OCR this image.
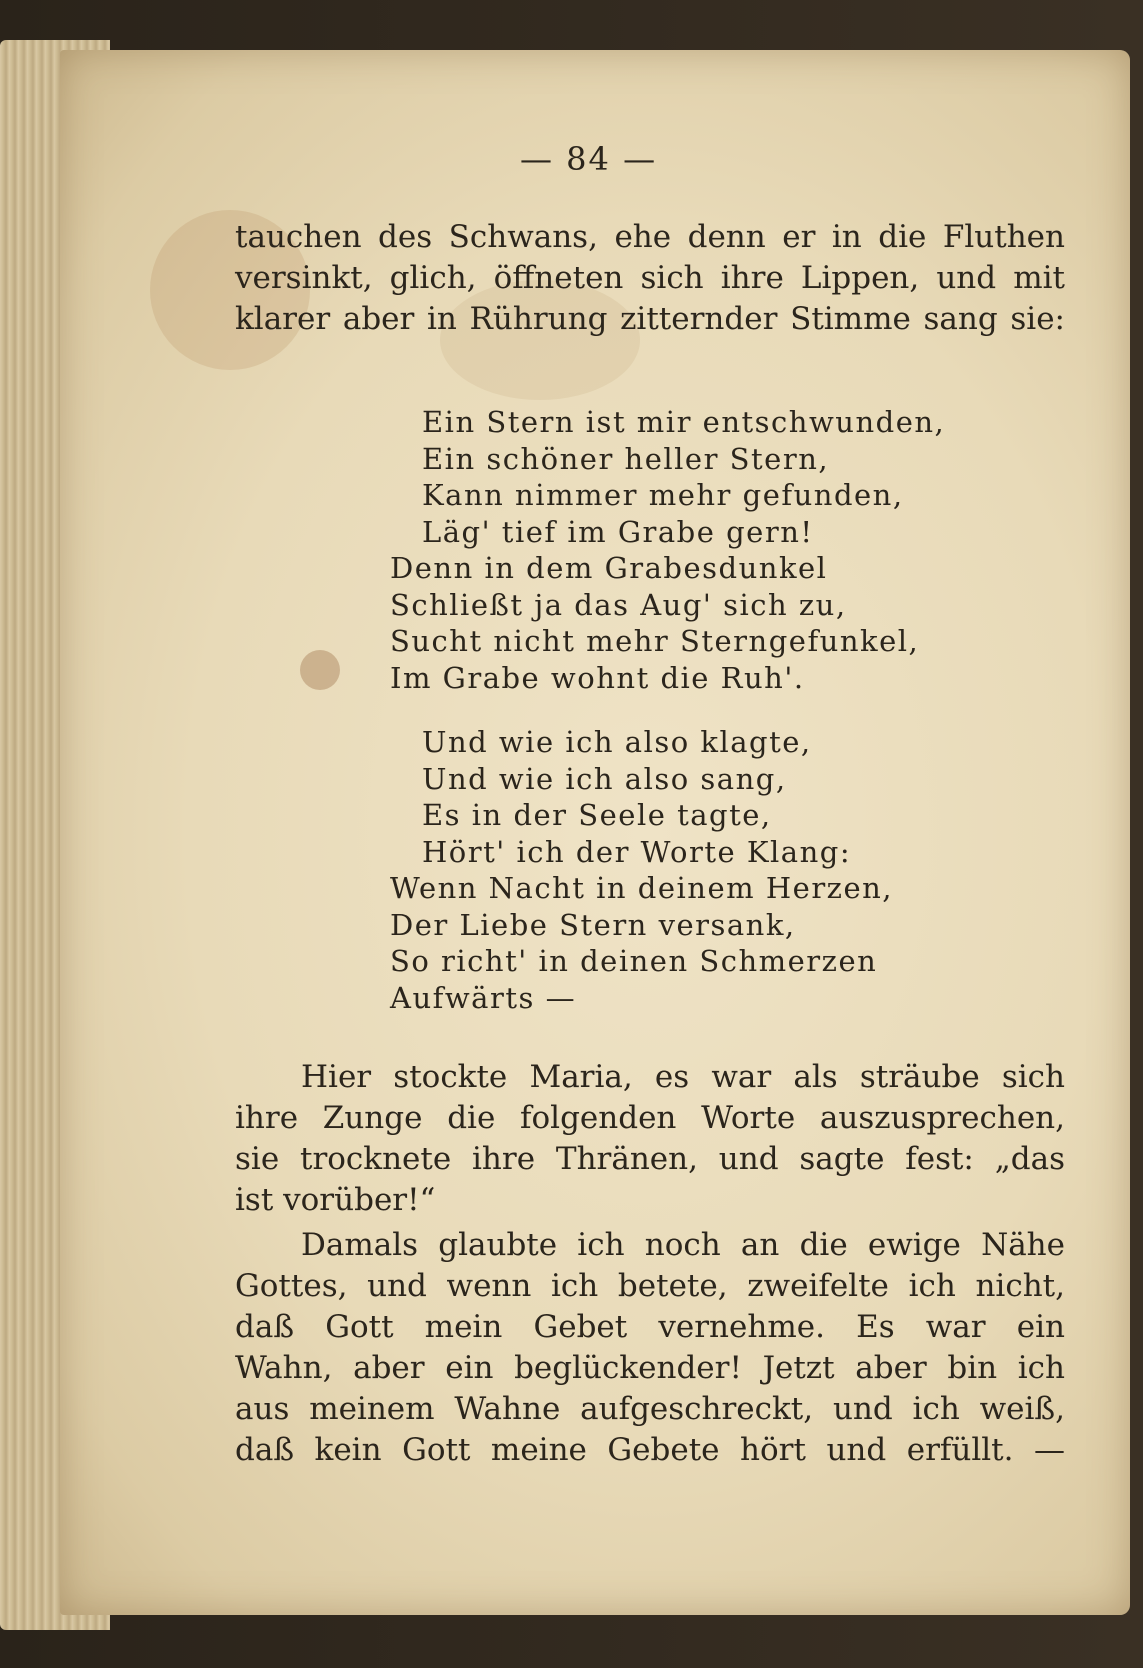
— 84 —
tauchen des Schwans, ehe denn er in die Fluthen
versinkt, glich, öffneten sich ihre Lippen, und mit
klarer aber in Rührung zitternder Stimme sang sie:
Ein Stern ist mir entschwunden,
Ein schöner heller Stern,
Kann nimmer mehr gefunden,
Läg' tief im Grabe gern!
Denn in dem Grabesdunkel
Schließt ja das Aug' sich zu,
Sucht nicht mehr Sterngefunkel,
Im Grabe wohnt die Ruh'.
Und wie ich also klagte,
Und wie ich also sang,
Es in der Seele tagte,
Hört' ich der Worte Klang:
Wenn Nacht in deinem Herzen,
Der Liebe Stern versank,
So richt' in deinen Schmerzen
Aufwärts —
Hier stockte Maria, es war als sträube sich
ihre Zunge die folgenden Worte auszusprechen,
sie trocknete ihre Thränen, und sagte fest: „das
ist vorüber!“
Damals glaubte ich noch an die ewige Nähe
Gottes, und wenn ich betete, zweifelte ich nicht,
daß Gott mein Gebet vernehme. Es war ein
Wahn, aber ein beglückender! Jetzt aber bin ich
aus meinem Wahne aufgeschreckt, und ich weiß,
daß kein Gott meine Gebete hört und erfüllt. —
